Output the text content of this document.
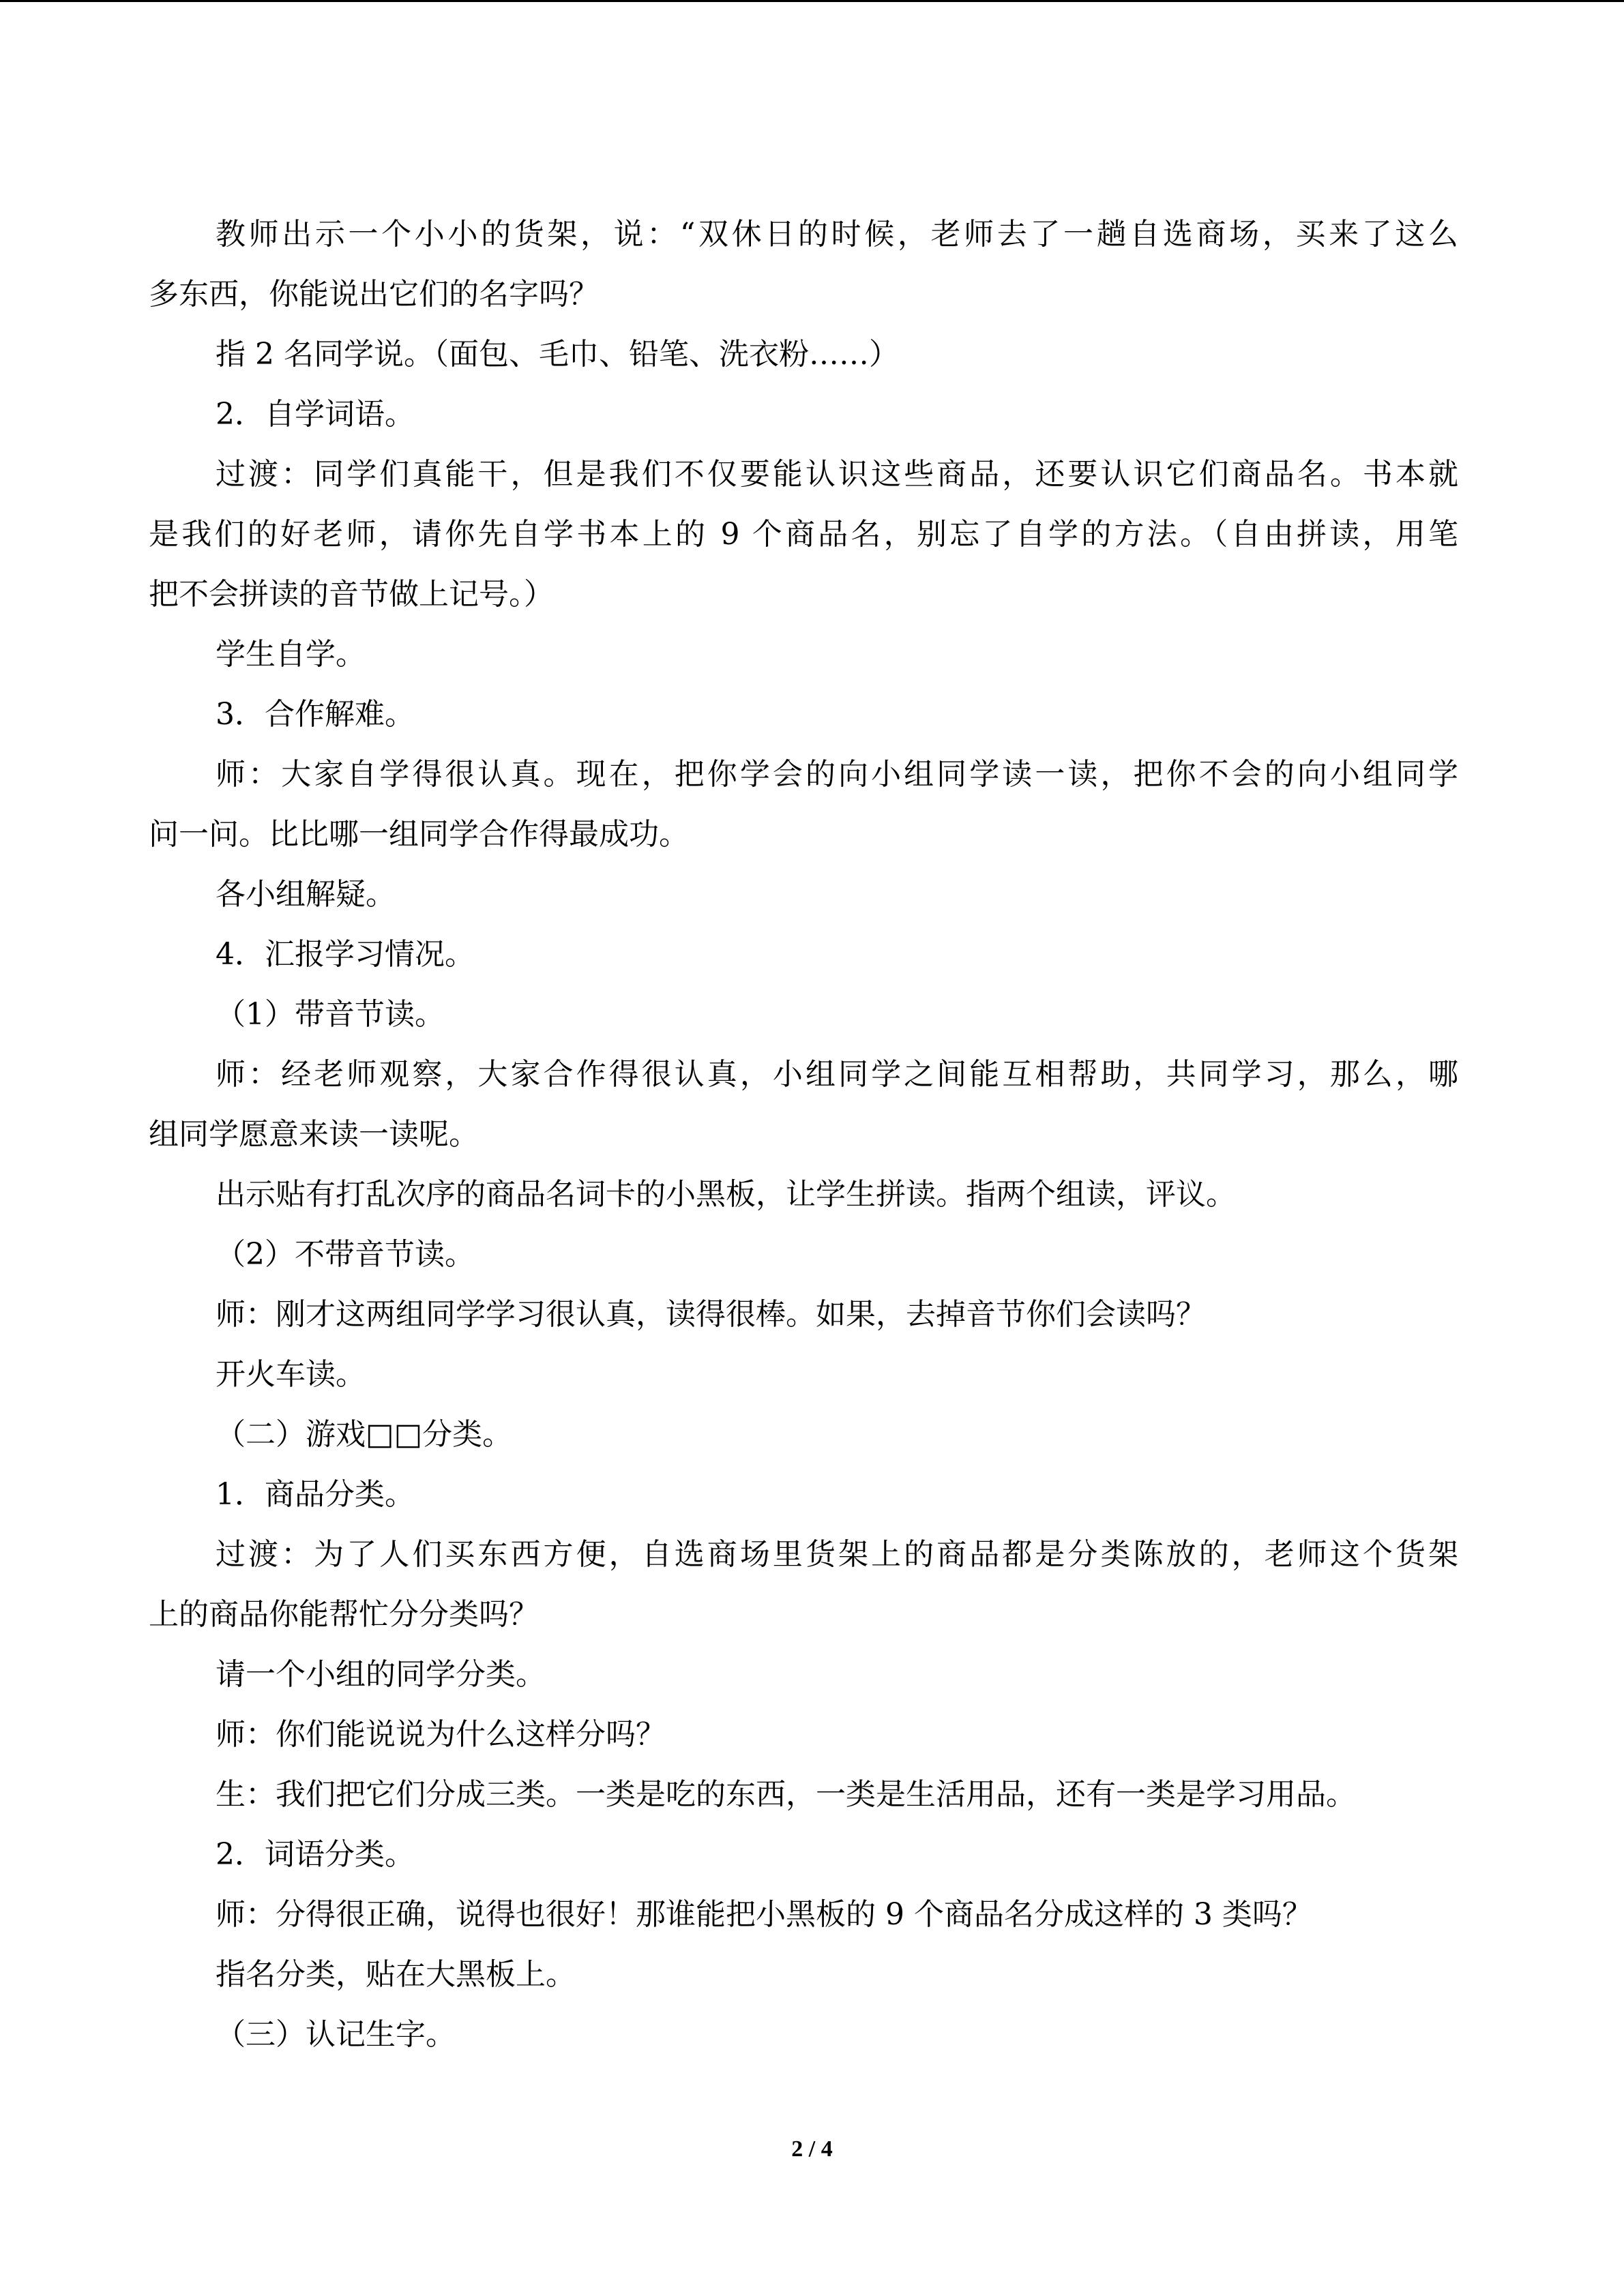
教师出示一个小小的货架，说：“双休日的时候，老师去了一趟自选商场，买来了这么
多东西，你能说出它们的名字吗？
指 2 名同学说。（面包、毛巾、铅笔、洗衣粉……）
2．自学词语。
过渡：同学们真能干，但是我们不仅要能认识这些商品，还要认识它们商品名。书本就
是我们的好老师，请你先自学书本上的 9 个商品名，别忘了自学的方法。（自由拼读，用笔
把不会拼读的音节做上记号。）
学生自学。
3．合作解难。
师：大家自学得很认真。现在，把你学会的向小组同学读一读，把你不会的向小组同学
问一问。比比哪一组同学合作得最成功。
各小组解疑。
4．汇报学习情况。
（1）带音节读。
师：经老师观察，大家合作得很认真，小组同学之间能互相帮助，共同学习，那么，哪
组同学愿意来读一读呢。
出示贴有打乱次序的商品名词卡的小黑板，让学生拼读。指两个组读，评议。
（2）不带音节读。
师：刚才这两组同学学习很认真，读得很棒。如果，去掉音节你们会读吗？
开火车读。
（二）游戏□□分类。
1．商品分类。
过渡：为了人们买东西方便，自选商场里货架上的商品都是分类陈放的，老师这个货架
上的商品你能帮忙分分类吗？
请一个小组的同学分类。
师：你们能说说为什么这样分吗？
生：我们把它们分成三类。一类是吃的东西，一类是生活用品，还有一类是学习用品。
2．词语分类。
师：分得很正确，说得也很好！那谁能把小黑板的 9 个商品名分成这样的 3 类吗？
指名分类，贴在大黑板上。
（三）认记生字。
2 / 4
